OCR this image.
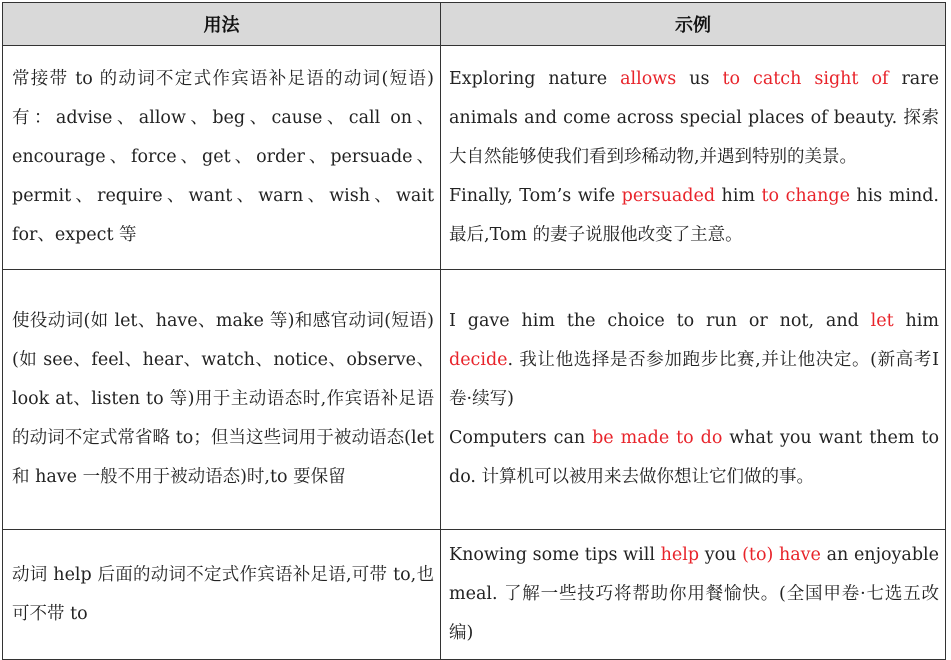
用法	示例
常接带 to 的动词不定式作宾语补足语的动词(短语)有：advise、allow、beg、cause、call on、encourage、force、get、order、persuade、permit、require、want、warn、wish、wait for、expect 等	Exploring nature allows us to catch sight of rare animals and come across special places of beauty. 探索大自然能够使我们看到珍稀动物,并遇到特别的美景。
Finally, Tom’s wife persuaded him to change his mind. 最后,Tom 的妻子说服他改变了主意。

使役动词(如 let、have、make 等)和感官动词(短语)(如 see、feel、hear、watch、notice、observe、look at、listen to 等)用于主动语态时,作宾语补足语的动词不定式常省略 to；但当这些词用于被动语态(let 和 have 一般不用于被动语态)时,to 要保留	I gave him the choice to run or not, and let him decide. 我让他选择是否参加跑步比赛,并让他决定。(新高考Ⅰ卷·续写)
Computers can be made to do what you want them to do. 计算机可以被用来去做你想让它们做的事。

动词 help 后面的动词不定式作宾语补足语,可带 to,也可不带 to	Knowing some tips will help you (to) have an enjoyable meal. 了解一些技巧将帮助你用餐愉快。(全国甲卷·七选五改编)
